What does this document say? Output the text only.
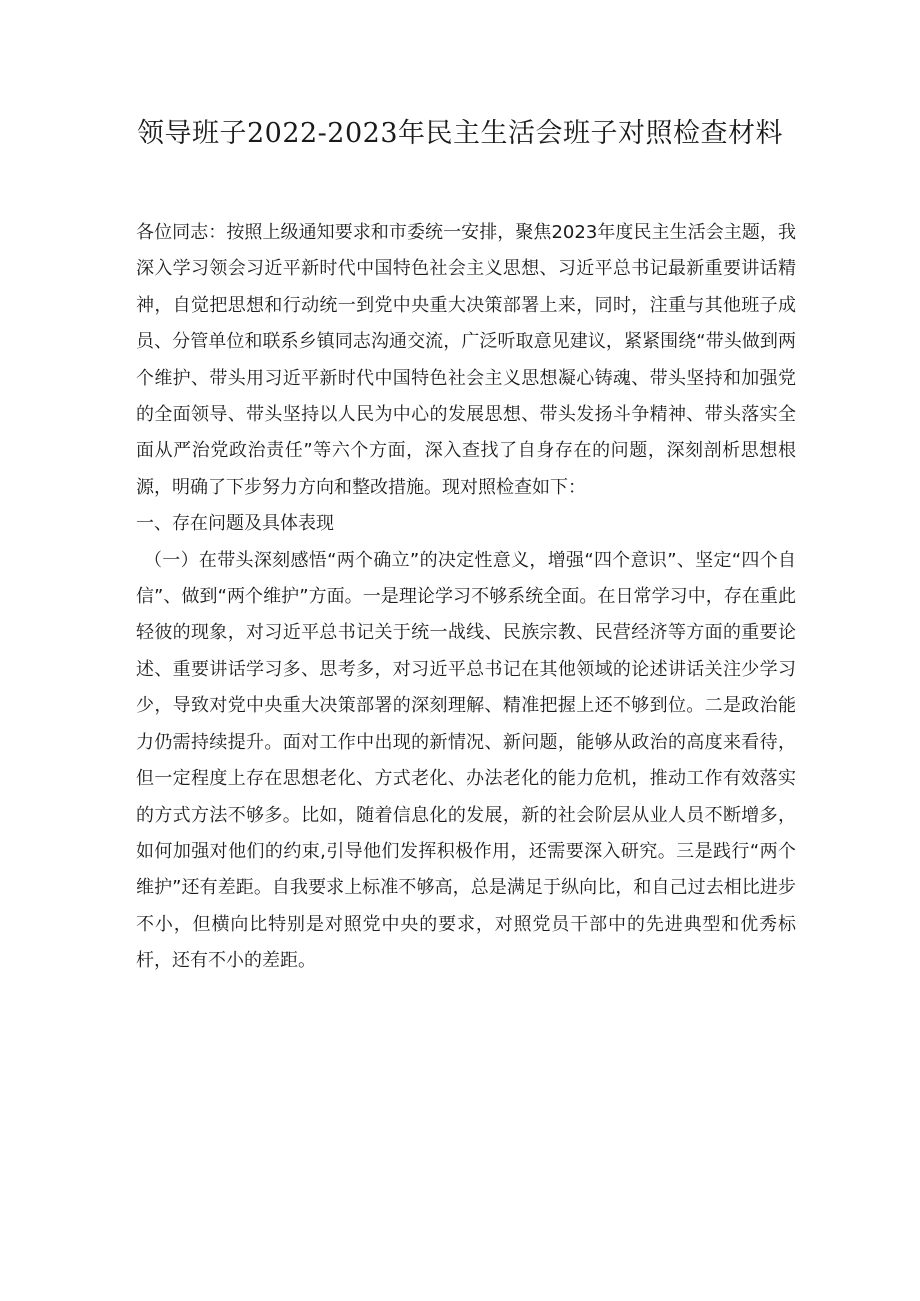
领导班子2022-2023年民主生活会班子对照检查材料

各位同志：按照上级通知要求和市委统一安排，聚焦2023年度民主生活会主题，我深入学习领会习近平新时代中国特色社会主义思想、习近平总书记最新重要讲话精神，自觉把思想和行动统一到党中央重大决策部署上来，同时，注重与其他班子成员、分管单位和联系乡镇同志沟通交流，广泛听取意见建议，紧紧围绕“带头做到两个维护、带头用习近平新时代中国特色社会主义思想凝心铸魂、带头坚持和加强党的全面领导、带头坚持以人民为中心的发展思想、带头发扬斗争精神、带头落实全面从严治党政治责任”等六个方面，深入查找了自身存在的问题，深刻剖析思想根源，明确了下步努力方向和整改措施。现对照检查如下：

一、存在问题及具体表现

（一）在带头深刻感悟“两个确立”的决定性意义，增强“四个意识”、坚定“四个自信”、做到“两个维护”方面。一是理论学习不够系统全面。在日常学习中，存在重此轻彼的现象，对习近平总书记关于统一战线、民族宗教、民营经济等方面的重要论述、重要讲话学习多、思考多，对习近平总书记在其他领域的论述讲话关注少学习少，导致对党中央重大决策部署的深刻理解、精准把握上还不够到位。二是政治能力仍需持续提升。面对工作中出现的新情况、新问题，能够从政治的高度来看待，但一定程度上存在思想老化、方式老化、办法老化的能力危机，推动工作有效落实的方式方法不够多。比如，随着信息化的发展，新的社会阶层从业人员不断增多，如何加强对他们的约束,引导他们发挥积极作用，还需要深入研究。三是践行“两个维护”还有差距。自我要求上标准不够高，总是满足于纵向比，和自己过去相比进步不小，但横向比特别是对照党中央的要求，对照党员干部中的先进典型和优秀标杆，还有不小的差距。
